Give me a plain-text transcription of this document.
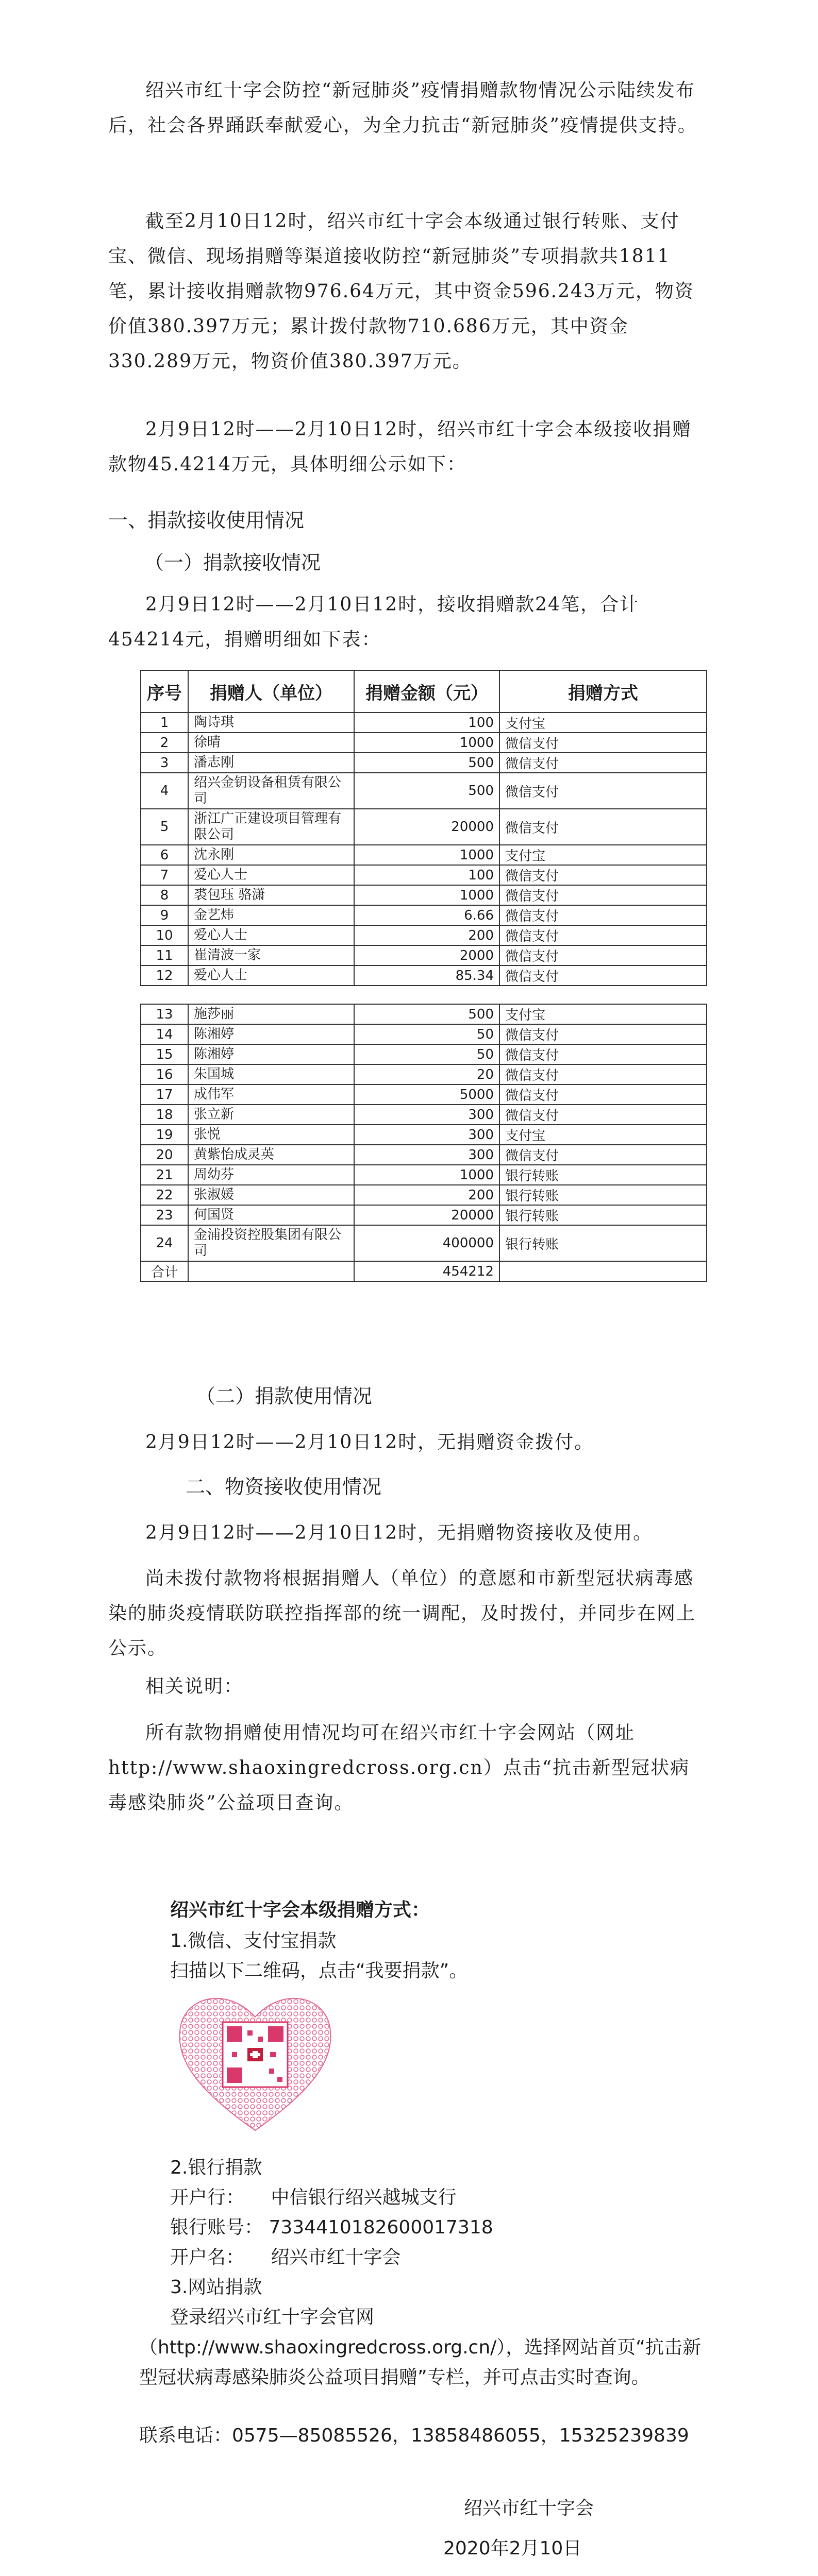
绍兴市红十字会防控“新冠肺炎”疫情捐赠款物情况公示陆续发布后，社会各界踊跃奉献爱心，为全力抗击“新冠肺炎”疫情提供支持。

截至2月10日12时，绍兴市红十字会本级通过银行转账、支付宝、微信、现场捐赠等渠道接收防控“新冠肺炎”专项捐款共1811笔，累计接收捐赠款物976.64万元，其中资金596.243万元，物资价值380.397万元；累计拨付款物710.686万元，其中资金330.289万元，物资价值380.397万元。

2月9日12时——2月10日12时，绍兴市红十字会本级接收捐赠款物45.4214万元，具体明细公示如下：

一、捐款接收使用情况

（一）捐款接收情况

2月9日12时——2月10日12时，接收捐赠款24笔，合计454214元，捐赠明细如下表：

序号	捐赠人（单位）	捐赠金额（元）	捐赠方式
1	陶诗琪	100	支付宝
2	徐晴	1000	微信支付
3	潘志刚	500	微信支付
4	绍兴金钥设备租赁有限公司	500	微信支付
5	浙江广正建设项目管理有限公司	20000	微信支付
6	沈永刚	1000	支付宝
7	爱心人士	100	微信支付
8	裘包珏 骆潇	1000	微信支付
9	金艺炜	6.66	微信支付
10	爱心人士	200	微信支付
11	崔清波一家	2000	微信支付
12	爱心人士	85.34	微信支付

13	施莎丽	500	支付宝
14	陈湘婷	50	微信支付
15	陈湘婷	50	微信支付
16	朱国城	20	微信支付
17	成伟军	5000	微信支付
18	张立新	300	微信支付
19	张悦	300	支付宝
20	黄紫怡成灵英	300	微信支付
21	周幼芬	1000	银行转账
22	张淑媛	200	银行转账
23	何国贤	20000	银行转账
24	金浦投资控股集团有限公司	400000	银行转账
合计		454212	

（二）捐款使用情况

2月9日12时——2月10日12时，无捐赠资金拨付。

二、物资接收使用情况

2月9日12时——2月10日12时，无捐赠物资接收及使用。

尚未拨付款物将根据捐赠人（单位）的意愿和市新型冠状病毒感染的肺炎疫情联防联控指挥部的统一调配，及时拨付，并同步在网上公示。

相关说明：

所有款物捐赠使用情况均可在绍兴市红十字会网站（网址http://www.shaoxingredcross.org.cn）点击“抗击新型冠状病毒感染肺炎”公益项目查询。

绍兴市红十字会本级捐赠方式：

1.微信、支付宝捐款

扫描以下二维码，点击“我要捐款”。

2.银行捐款

开户行： 中信银行绍兴越城支行

银行账号： 7334410182600017318

开户名： 绍兴市红十字会

3.网站捐款

登录绍兴市红十字会官网

（http://www.shaoxingredcross.org.cn/），选择网站首页“抗击新型冠状病毒感染肺炎公益项目捐赠”专栏，并可点击实时查询。

联系电话：0575—85085526，13858486055，15325239839

绍兴市红十字会

2020年2月10日
